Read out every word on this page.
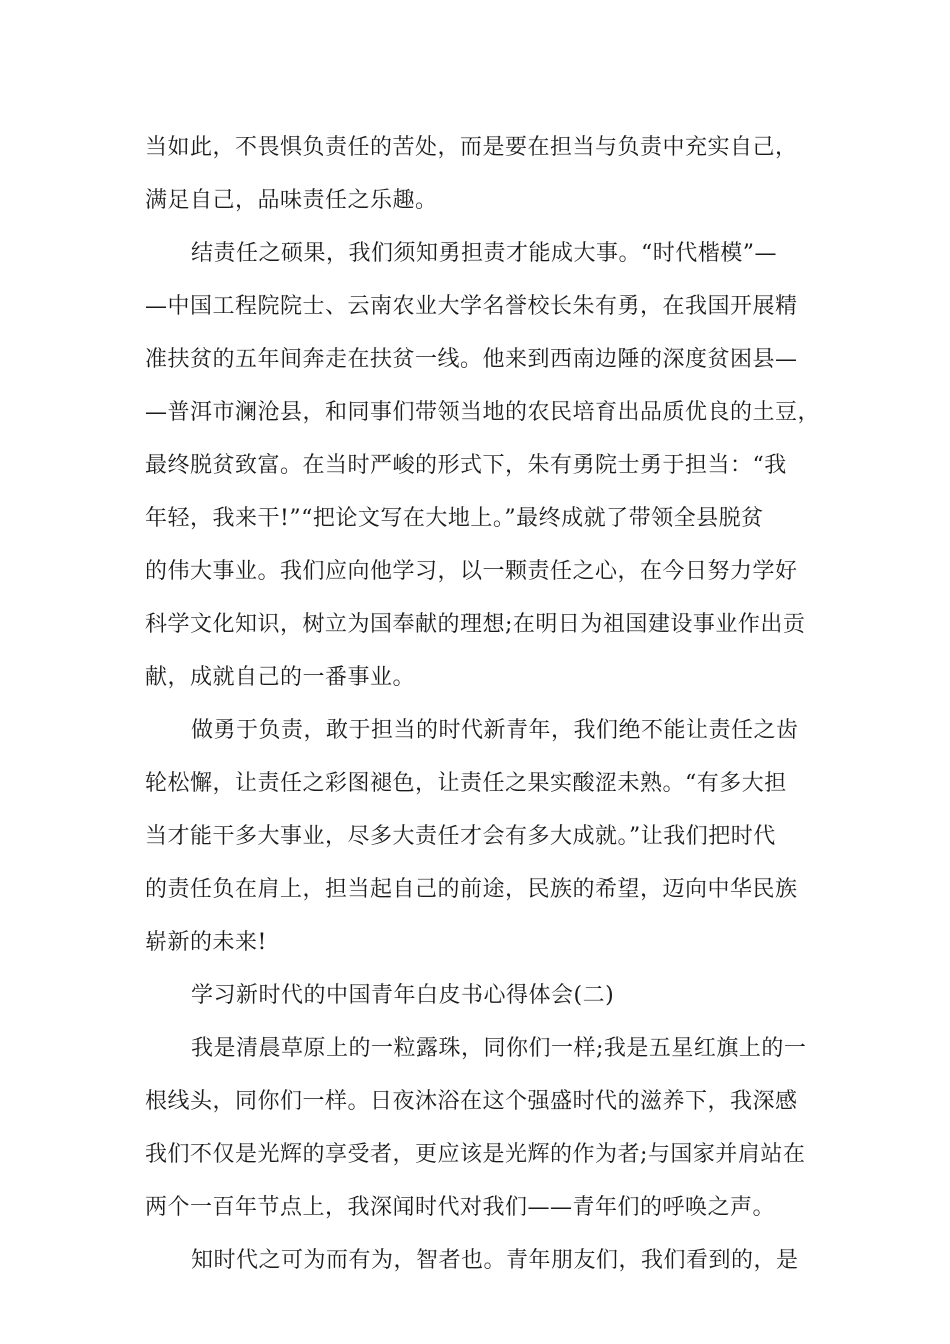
当如此，不畏惧负责任的苦处，而是要在担当与负责中充实自己，
满足自己，品味责任之乐趣。
结责任之硕果，我们须知勇担责才能成大事。“时代楷模”—
—中国工程院院士、云南农业大学名誉校长朱有勇，在我国开展精
准扶贫的五年间奔走在扶贫一线。他来到西南边陲的深度贫困县—
—普洱市澜沧县，和同事们带领当地的农民培育出品质优良的土豆，
最终脱贫致富。在当时严峻的形式下，朱有勇院士勇于担当：“我
年轻，我来干!”“把论文写在大地上。”最终成就了带领全县脱贫
的伟大事业。我们应向他学习，以一颗责任之心，在今日努力学好
科学文化知识，树立为国奉献的理想;在明日为祖国建设事业作出贡
献，成就自己的一番事业。
做勇于负责，敢于担当的时代新青年，我们绝不能让责任之齿
轮松懈，让责任之彩图褪色，让责任之果实酸涩未熟。“有多大担
当才能干多大事业，尽多大责任才会有多大成就。”让我们把时代
的责任负在肩上，担当起自己的前途，民族的希望，迈向中华民族
崭新的未来!
学习新时代的中国青年白皮书心得体会(二)
我是清晨草原上的一粒露珠，同你们一样;我是五星红旗上的一
根线头，同你们一样。日夜沐浴在这个强盛时代的滋养下，我深感
我们不仅是光辉的享受者，更应该是光辉的作为者;与国家并肩站在
两个一百年节点上，我深闻时代对我们——青年们的呼唤之声。
知时代之可为而有为，智者也。青年朋友们，我们看到的，是
